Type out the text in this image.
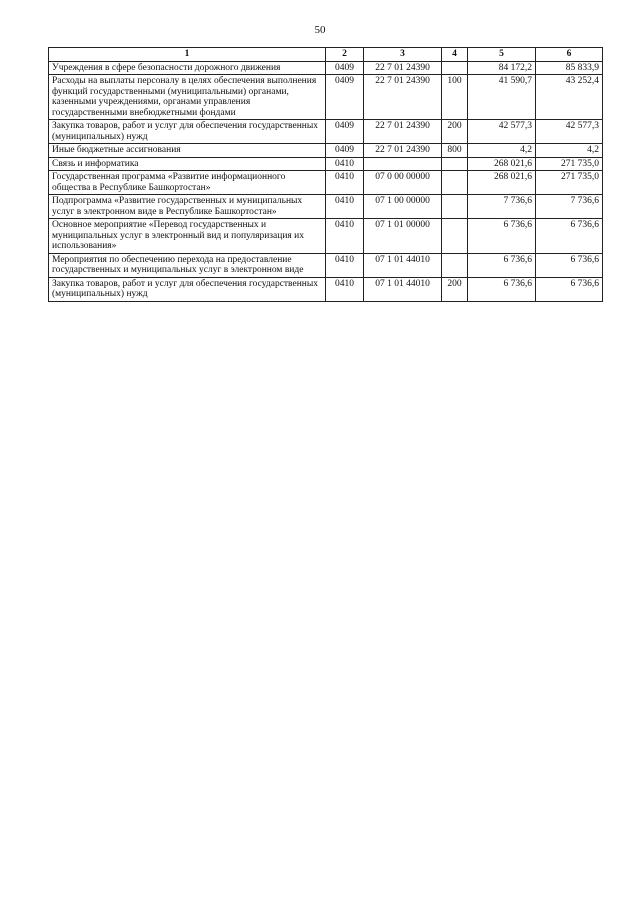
50
1	2	3	4	5	6
Учреждения в сфере безопасности дорожного движения	0409	22 7 01 24390		84 172,2	85 833,9
Расходы на выплаты персоналу в целях обеспечения выполнения функций государственными (муниципальными) органами, казенными учреждениями, органами управления государственными внебюджетными фондами	0409	22 7 01 24390	100	41 590,7	43 252,4
Закупка товаров, работ и услуг для обеспечения государственных (муниципальных) нужд	0409	22 7 01 24390	200	42 577,3	42 577,3
Иные бюджетные ассигнования	0409	22 7 01 24390	800	4,2	4,2
Связь и информатика	0410			268 021,6	271 735,0
Государственная программа «Развитие информационного общества в Республике Башкортостан»	0410	07 0 00 00000		268 021,6	271 735,0
Подпрограмма «Развитие государственных и муниципальных услуг в электронном виде в Республике Башкортостан»	0410	07 1 00 00000		7 736,6	7 736,6
Основное мероприятие «Перевод государственных и муниципальных услуг в электронный вид и популяризация их использования»	0410	07 1 01 00000		6 736,6	6 736,6
Мероприятия по обеспечению перехода на предоставление государственных и муниципальных услуг в электронном виде	0410	07 1 01 44010		6 736,6	6 736,6
Закупка товаров, работ и услуг для обеспечения государственных (муниципальных) нужд	0410	07 1 01 44010	200	6 736,6	6 736,6
